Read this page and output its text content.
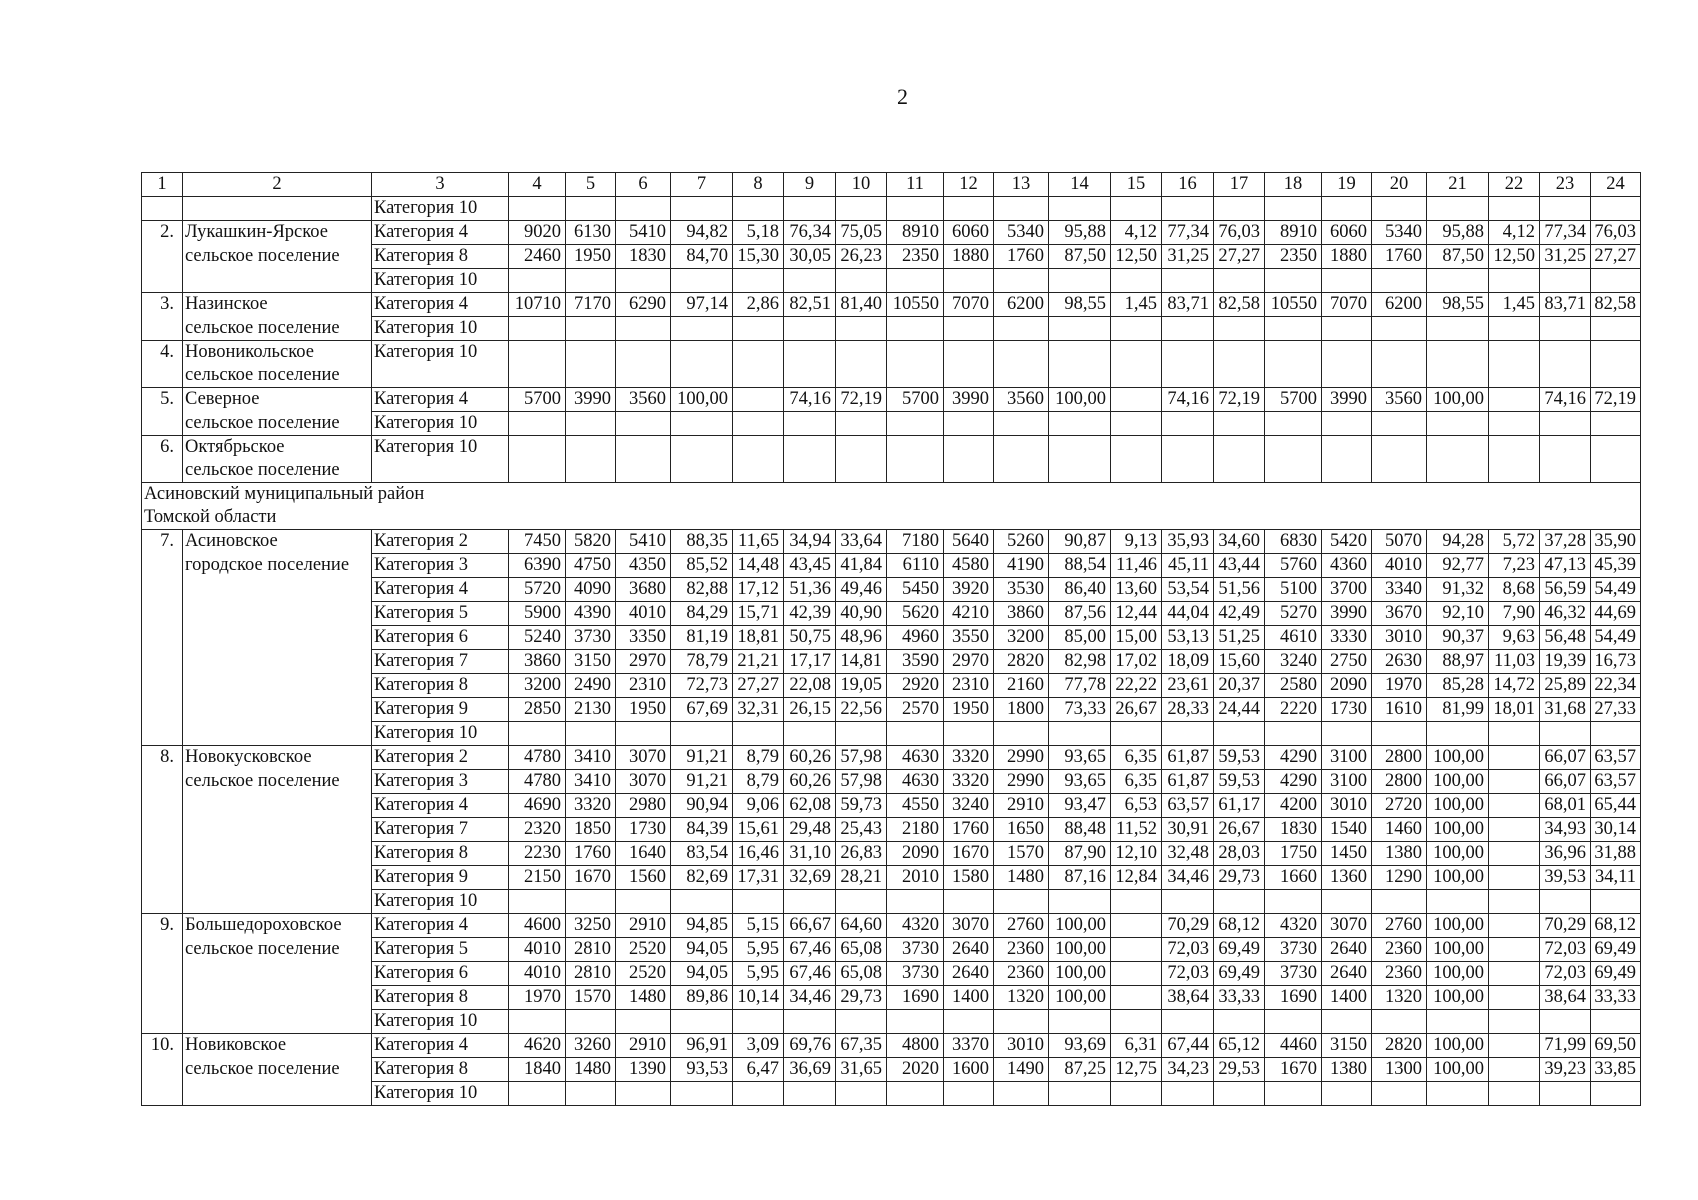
2
1	2	3	4	5	6	7	8	9	10	11	12	13	14	15	16	17	18	19	20	21	22	23	24
		Категория 10																					
2.	Лукашкин-Ярское	Категория 4	9020	6130	5410	94,82	5,18	76,34	75,05	8910	6060	5340	95,88	4,12	77,34	76,03	8910	6060	5340	95,88	4,12	77,34	76,03
	сельское поселение	Категория 8	2460	1950	1830	84,70	15,30	30,05	26,23	2350	1880	1760	87,50	12,50	31,25	27,27	2350	1880	1760	87,50	12,50	31,25	27,27
		Категория 10																					
3.	Назинское	Категория 4	10710	7170	6290	97,14	2,86	82,51	81,40	10550	7070	6200	98,55	1,45	83,71	82,58	10550	7070	6200	98,55	1,45	83,71	82,58
	сельское поселение	Категория 10																					
4.	Новоникольское	Категория 10																					
	сельское поселение																						
5.	Северное	Категория 4	5700	3990	3560	100,00		74,16	72,19	5700	3990	3560	100,00		74,16	72,19	5700	3990	3560	100,00		74,16	72,19
	сельское поселение	Категория 10																					
6.	Октябрьское	Категория 10																					
	сельское поселение																						
Асиновский муниципальный район																							
Томской области																							
7.	Асиновское	Категория 2	7450	5820	5410	88,35	11,65	34,94	33,64	7180	5640	5260	90,87	9,13	35,93	34,60	6830	5420	5070	94,28	5,72	37,28	35,90
	городское поселение	Категория 3	6390	4750	4350	85,52	14,48	43,45	41,84	6110	4580	4190	88,54	11,46	45,11	43,44	5760	4360	4010	92,77	7,23	47,13	45,39
		Категория 4	5720	4090	3680	82,88	17,12	51,36	49,46	5450	3920	3530	86,40	13,60	53,54	51,56	5100	3700	3340	91,32	8,68	56,59	54,49
		Категория 5	5900	4390	4010	84,29	15,71	42,39	40,90	5620	4210	3860	87,56	12,44	44,04	42,49	5270	3990	3670	92,10	7,90	46,32	44,69
		Категория 6	5240	3730	3350	81,19	18,81	50,75	48,96	4960	3550	3200	85,00	15,00	53,13	51,25	4610	3330	3010	90,37	9,63	56,48	54,49
		Категория 7	3860	3150	2970	78,79	21,21	17,17	14,81	3590	2970	2820	82,98	17,02	18,09	15,60	3240	2750	2630	88,97	11,03	19,39	16,73
		Категория 8	3200	2490	2310	72,73	27,27	22,08	19,05	2920	2310	2160	77,78	22,22	23,61	20,37	2580	2090	1970	85,28	14,72	25,89	22,34
		Категория 9	2850	2130	1950	67,69	32,31	26,15	22,56	2570	1950	1800	73,33	26,67	28,33	24,44	2220	1730	1610	81,99	18,01	31,68	27,33
		Категория 10																					
8.	Новокусковское	Категория 2	4780	3410	3070	91,21	8,79	60,26	57,98	4630	3320	2990	93,65	6,35	61,87	59,53	4290	3100	2800	100,00		66,07	63,57
	сельское поселение	Категория 3	4780	3410	3070	91,21	8,79	60,26	57,98	4630	3320	2990	93,65	6,35	61,87	59,53	4290	3100	2800	100,00		66,07	63,57
		Категория 4	4690	3320	2980	90,94	9,06	62,08	59,73	4550	3240	2910	93,47	6,53	63,57	61,17	4200	3010	2720	100,00		68,01	65,44
		Категория 7	2320	1850	1730	84,39	15,61	29,48	25,43	2180	1760	1650	88,48	11,52	30,91	26,67	1830	1540	1460	100,00		34,93	30,14
		Категория 8	2230	1760	1640	83,54	16,46	31,10	26,83	2090	1670	1570	87,90	12,10	32,48	28,03	1750	1450	1380	100,00		36,96	31,88
		Категория 9	2150	1670	1560	82,69	17,31	32,69	28,21	2010	1580	1480	87,16	12,84	34,46	29,73	1660	1360	1290	100,00		39,53	34,11
		Категория 10																					
9.	Большедороховское	Категория 4	4600	3250	2910	94,85	5,15	66,67	64,60	4320	3070	2760	100,00		70,29	68,12	4320	3070	2760	100,00		70,29	68,12
	сельское поселение	Категория 5	4010	2810	2520	94,05	5,95	67,46	65,08	3730	2640	2360	100,00		72,03	69,49	3730	2640	2360	100,00		72,03	69,49
		Категория 6	4010	2810	2520	94,05	5,95	67,46	65,08	3730	2640	2360	100,00		72,03	69,49	3730	2640	2360	100,00		72,03	69,49
		Категория 8	1970	1570	1480	89,86	10,14	34,46	29,73	1690	1400	1320	100,00		38,64	33,33	1690	1400	1320	100,00		38,64	33,33
		Категория 10																					
10.	Новиковское	Категория 4	4620	3260	2910	96,91	3,09	69,76	67,35	4800	3370	3010	93,69	6,31	67,44	65,12	4460	3150	2820	100,00		71,99	69,50
	сельское поселение	Категория 8	1840	1480	1390	93,53	6,47	36,69	31,65	2020	1600	1490	87,25	12,75	34,23	29,53	1670	1380	1300	100,00		39,23	33,85
		Категория 10																					
